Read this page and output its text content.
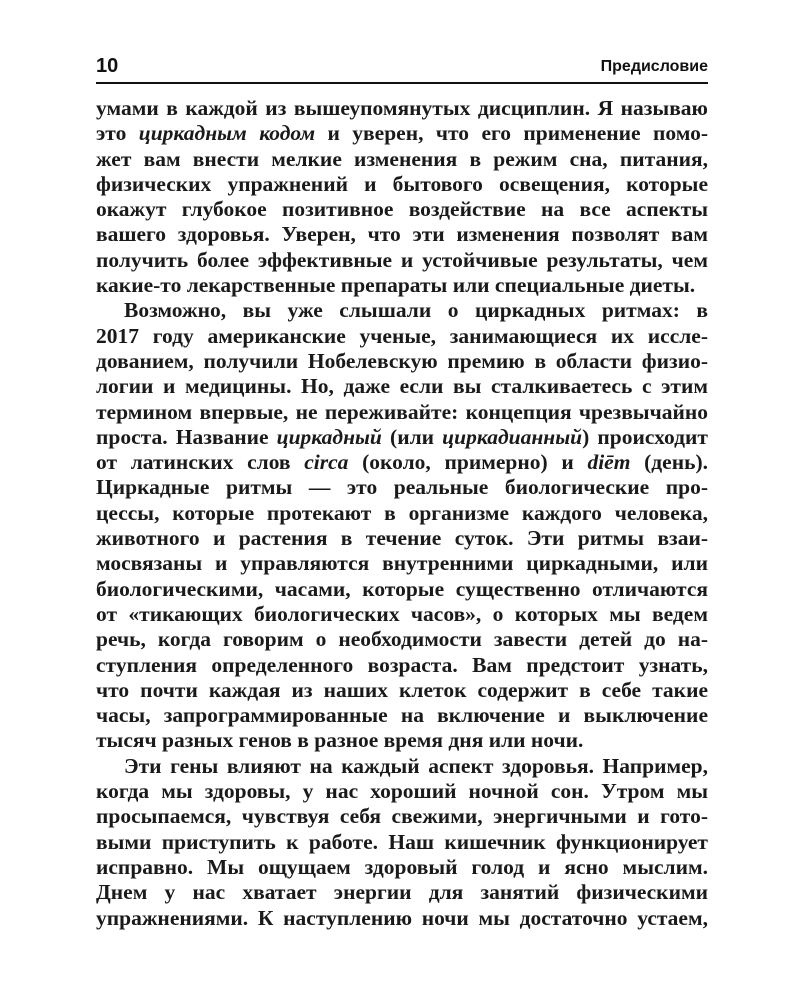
10	Предисловие
умами в каждой из вышеупомянутых дисциплин. Я называю
это циркадным кодом и уверен, что его применение помо-
жет вам внести мелкие изменения в режим сна, питания,
физических упражнений и бытового освещения, которые
окажут глубокое позитивное воздействие на все аспекты
вашего здоровья. Уверен, что эти изменения позволят вам
получить более эффективные и устойчивые результаты, чем
какие-то лекарственные препараты или специальные диеты.
Возможно, вы уже слышали о циркадных ритмах: в
2017 году американские ученые, занимающиеся их иссле-
дованием, получили Нобелевскую премию в области физио-
логии и медицины. Но, даже если вы сталкиваетесь с этим
термином впервые, не переживайте: концепция чрезвычайно
проста. Название циркадный (или циркадианный) происходит
от латинских слов circa (около, примерно) и diēm (день).
Циркадные ритмы — это реальные биологические про-
цессы, которые протекают в организме каждого человека,
животного и растения в течение суток. Эти ритмы взаи-
мосвязаны и управляются внутренними циркадными, или
биологическими, часами, которые существенно отличаются
от «тикающих биологических часов», о которых мы ведем
речь, когда говорим о необходимости завести детей до на-
ступления определенного возраста. Вам предстоит узнать,
что почти каждая из наших клеток содержит в себе такие
часы, запрограммированные на включение и выключение
тысяч разных генов в разное время дня или ночи.
Эти гены влияют на каждый аспект здоровья. Например,
когда мы здоровы, у нас хороший ночной сон. Утром мы
просыпаемся, чувствуя себя свежими, энергичными и гото-
выми приступить к работе. Наш кишечник функционирует
исправно. Мы ощущаем здоровый голод и ясно мыслим.
Днем у нас хватает энергии для занятий физическими
упражнениями. К наступлению ночи мы достаточно устаем,
